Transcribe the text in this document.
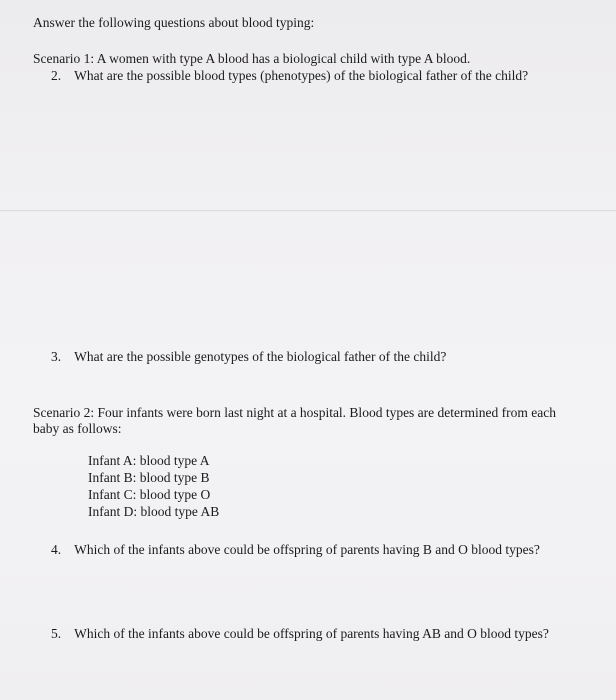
Answer the following questions about blood typing:
Scenario 1: A women with type A blood has a biological child with type A blood.
2. What are the possible blood types (phenotypes) of the biological father of the child?
3. What are the possible genotypes of the biological father of the child?
Scenario 2: Four infants were born last night at a hospital. Blood types are determined from each
baby as follows:
Infant A: blood type A
Infant B: blood type B
Infant C: blood type O
Infant D: blood type AB
4. Which of the infants above could be offspring of parents having B and O blood types?
5. Which of the infants above could be offspring of parents having AB and O blood types?
